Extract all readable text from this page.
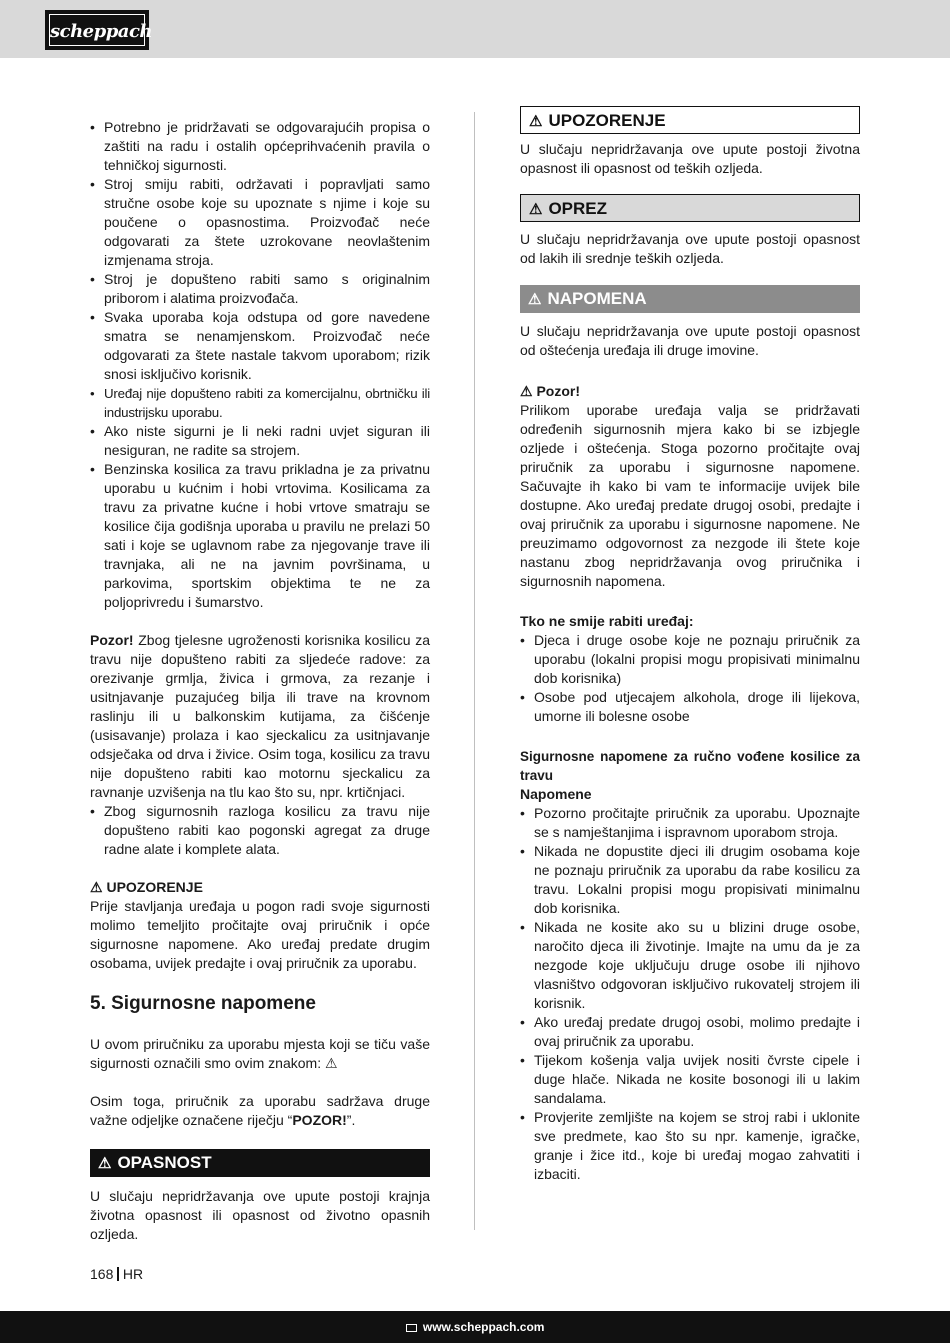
scheppach
• Potrebno je pridržavati se odgovarajućih propisa o zaštiti na radu i ostalih općeprihvaćenih pravila o tehničkoj sigurnosti.
• Stroj smiju rabiti, održavati i popravljati samo stručne osobe koje su upoznate s njime i koje su poučene o opasnostima. Proizvođač neće odgovarati za štete uzrokovane neovlaštenim izmjenama stroja.
• Stroj je dopušteno rabiti samo s originalnim priborom i alatima proizvođača.
• Svaka uporaba koja odstupa od gore navedene smatra se nenamjenskom. Proizvođač neće odgovarati za štete nastale takvom uporabom; rizik snosi isključivo korisnik.
• Uređaj nije dopušteno rabiti za komercijalnu, obrtničku ili industrijsku uporabu.
• Ako niste sigurni je li neki radni uvjet siguran ili nesiguran, ne radite sa strojem.
• Benzinska kosilica za travu prikladna je za privatnu uporabu u kućnim i hobi vrtovima. Kosilicama za travu za privatne kućne i hobi vrtove smatraju se kosilice čija godišnja uporaba u pravilu ne prelazi 50 sati i koje se uglavnom rabe za njegovanje trave ili travnjaka, ali ne na javnim površinama, u parkovima, sportskim objektima te ne za poljoprivredu i šumarstvo.

Pozor! Zbog tjelesne ugroženosti korisnika kosilicu za travu nije dopušteno rabiti za sljedeće radove: za orezivanje grmlja, živica i grmova, za rezanje i usitnjavanje puzajućeg bilja ili trave na krovnom raslinju ili u balkonskim kutijama, za čišćenje (usisavanje) prolaza i kao sjeckalicu za usitnjavanje odsječaka od drva i živice. Osim toga, kosilicu za travu nije dopušteno rabiti kao motornu sjeckalicu za ravnanje uzvišenja na tlu kao što su, npr. krtičnjaci.

• Zbog sigurnosnih razloga kosilicu za travu nije dopušteno rabiti kao pogonski agregat za druge radne alate i komplete alata.

⚠ UPOZORENJE

Prije stavljanja uređaja u pogon radi svoje sigurnosti molimo temeljito pročitajte ovaj priručnik i opće sigurnosne napomene. Ako uređaj predate drugim osobama, uvijek predajte i ovaj priručnik za uporabu.

5. Sigurnosne napomene

U ovom priručniku za uporabu mjesta koji se tiču vaše sigurnosti označili smo ovim znakom: ⚠

Osim toga, priručnik za uporabu sadržava druge važne odjeljke označene riječju “POZOR!”.

⚠ OPASNOST

U slučaju nepridržavanja ove upute postoji krajnja životna opasnost ili opasnost od životno opasnih ozljeda.

⚠ UPOZORENJE

U slučaju nepridržavanja ove upute postoji životna opasnost ili opasnost od teških ozljeda.

⚠ OPREZ

U slučaju nepridržavanja ove upute postoji opasnost od lakih ili srednje teških ozljeda.

⚠ NAPOMENA

U slučaju nepridržavanja ove upute postoji opasnost od oštećenja uređaja ili druge imovine.

⚠ Pozor!

Prilikom uporabe uređaja valja se pridržavati određenih sigurnosnih mjera kako bi se izbjegle ozljede i oštećenja. Stoga pozorno pročitajte ovaj priručnik za uporabu i sigurnosne napomene. Sačuvajte ih kako bi vam te informacije uvijek bile dostupne. Ako uređaj predate drugoj osobi, predajte i ovaj priručnik za uporabu i sigurnosne napomene. Ne preuzimamo odgovornost za nezgode ili štete koje nastanu zbog nepridržavanja ovog priručnika i sigurnosnih napomena.

Tko ne smije rabiti uređaj:

• Djeca i druge osobe koje ne poznaju priručnik za uporabu (lokalni propisi mogu propisivati minimalnu dob korisnika)
• Osobe pod utjecajem alkohola, droge ili lijekova, umorne ili bolesne osobe

Sigurnosne napomene za ručno vođene kosilice za travu

Napomene

• Pozorno pročitajte priručnik za uporabu. Upoznajte se s namještanjima i ispravnom uporabom stroja.
• Nikada ne dopustite djeci ili drugim osobama koje ne poznaju priručnik za uporabu da rabe kosilicu za travu. Lokalni propisi mogu propisivati minimalnu dob korisnika.
• Nikada ne kosite ako su u blizini druge osobe, naročito djeca ili životinje. Imajte na umu da je za nezgode koje uključuju druge osobe ili njihovo vlasništvo odgovoran isključivo rukovatelj strojem ili korisnik.
• Ako uređaj predate drugoj osobi, molimo predajte i ovaj priručnik za uporabu.
• Tijekom košenja valja uvijek nositi čvrste cipele i duge hlače. Nikada ne kosite bosonogi ili u lakim sandalama.
• Provjerite zemljište na kojem se stroj rabi i uklonite sve predmete, kao što su npr. kamenje, igračke, granje i žice itd., koje bi uređaj mogao zahvatiti i izbaciti.
168 HR
www.scheppach.com
